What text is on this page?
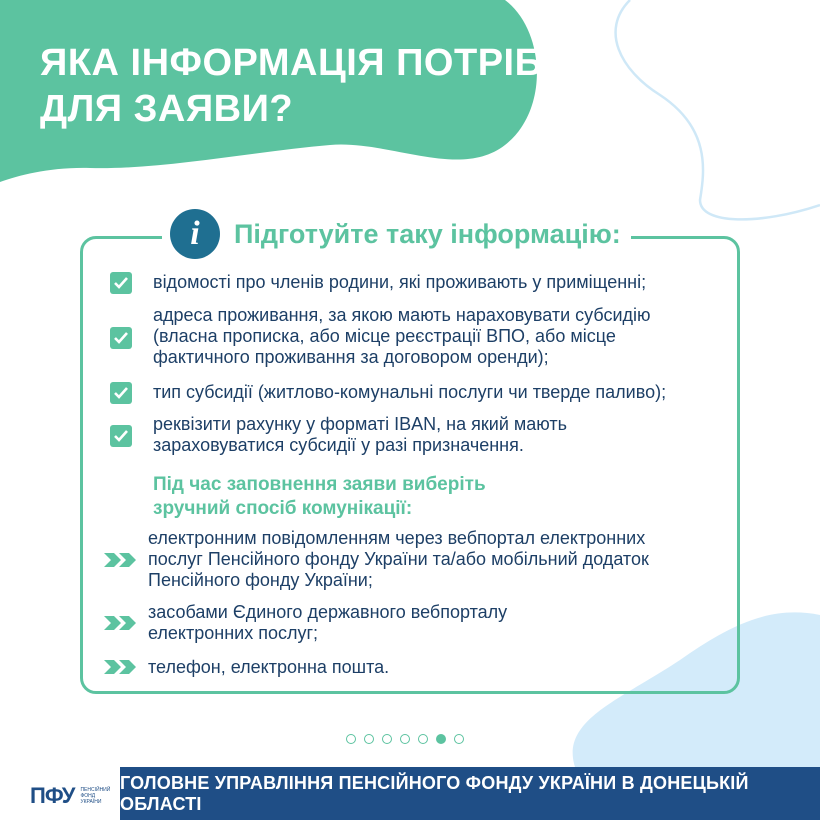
ЯКА ІНФОРМАЦІЯ ПОТРІБНА
ДЛЯ ЗАЯВИ?
i	Підготуйте таку інформацію:
відомості про членів родини, які проживають у приміщенні;
адреса проживання, за якою мають нараховувати субсидію
(власна прописка, або місце реєстрації ВПО, або місце
фактичного проживання за договором оренди);
тип субсидії (житлово-комунальні послуги чи тверде паливо);
реквізити рахунку у форматі IBAN, на який мають
зараховуватися субсидії у разі призначення.
Під час заповнення заяви виберіть
зручний спосіб комунікації:
електронним повідомленням через вебпортал електронних
послуг Пенсійного фонду України та/або мобільний додаток
Пенсійного фонду України;
засобами Єдиного державного вебпорталу
електронних послуг;
телефон, електронна пошта.
ПФУ ПЕНСІЙНИЙ
ФОНД
УКРАЇНИ
ГОЛОВНЕ УПРАВЛІННЯ ПЕНСІЙНОГО ФОНДУ УКРАЇНИ В ДОНЕЦЬКІЙ ОБЛАСТІ
